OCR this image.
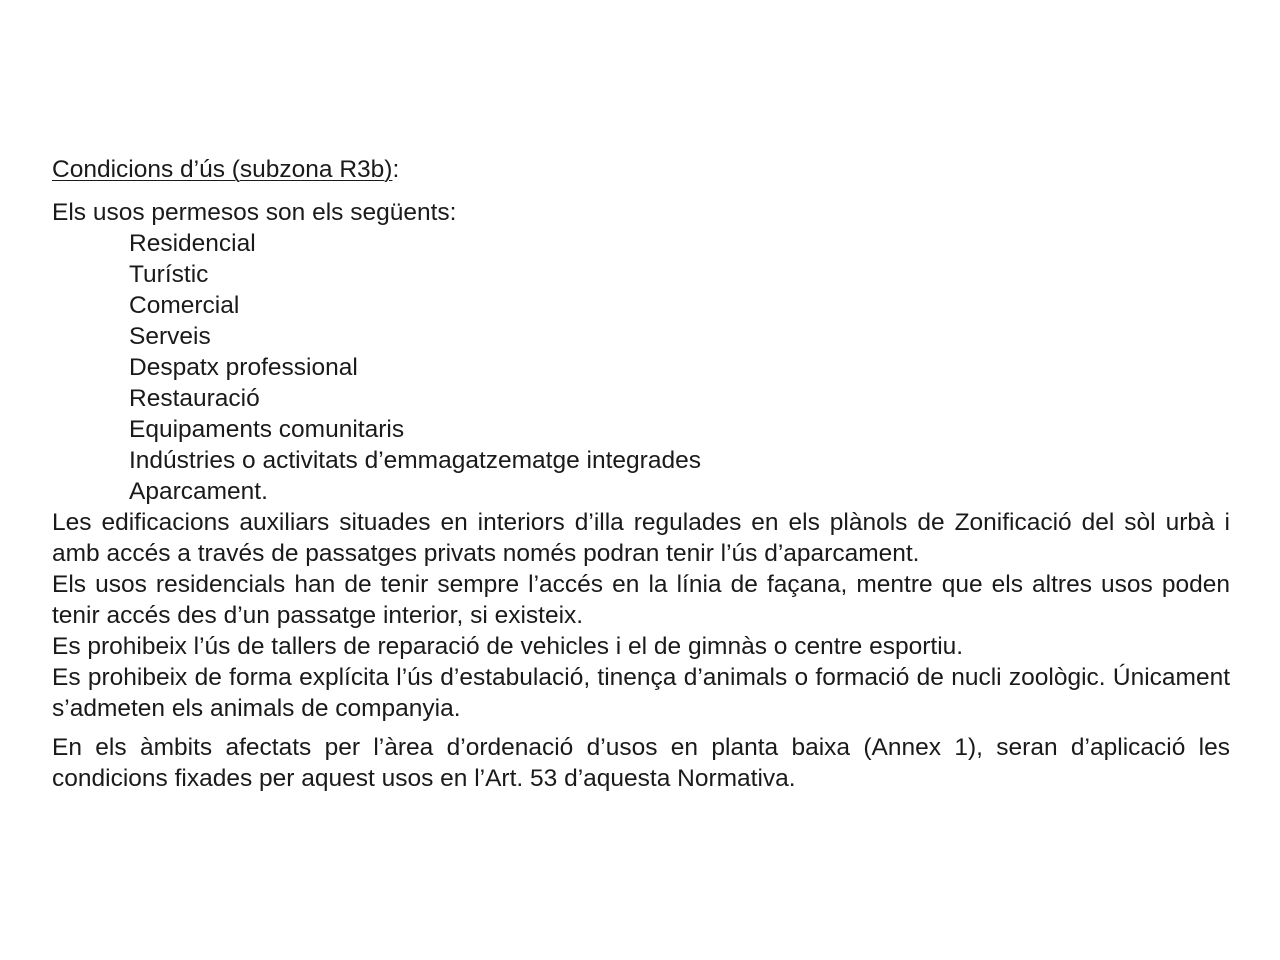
Condicions d’ús (subzona R3b):

Els usos permesos son els següents:

Residencial
Turístic
Comercial
Serveis
Despatx professional
Restauració
Equipaments comunitaris
Indústries o activitats d’emmagatzematge integrades
Aparcament.

Les edificacions auxiliars situades en interiors d’illa regulades en els plànols de Zonificació del sòl urbà i amb accés a través de passatges privats només podran tenir l’ús d’aparcament.

Els usos residencials han de tenir sempre l’accés en la línia de façana, mentre que els altres usos poden tenir accés des d’un passatge interior, si existeix.

Es prohibeix l’ús de tallers de reparació de vehicles i el de gimnàs o centre esportiu.

Es prohibeix de forma explícita l’ús d’estabulació, tinença d’animals o formació de nucli zoològic. Únicament s’admeten els animals de companyia.

En els àmbits afectats per l’àrea d’ordenació d’usos en planta baixa (Annex 1), seran d’aplicació les condicions fixades per aquest usos en l’Art. 53 d’aquesta Normativa.
